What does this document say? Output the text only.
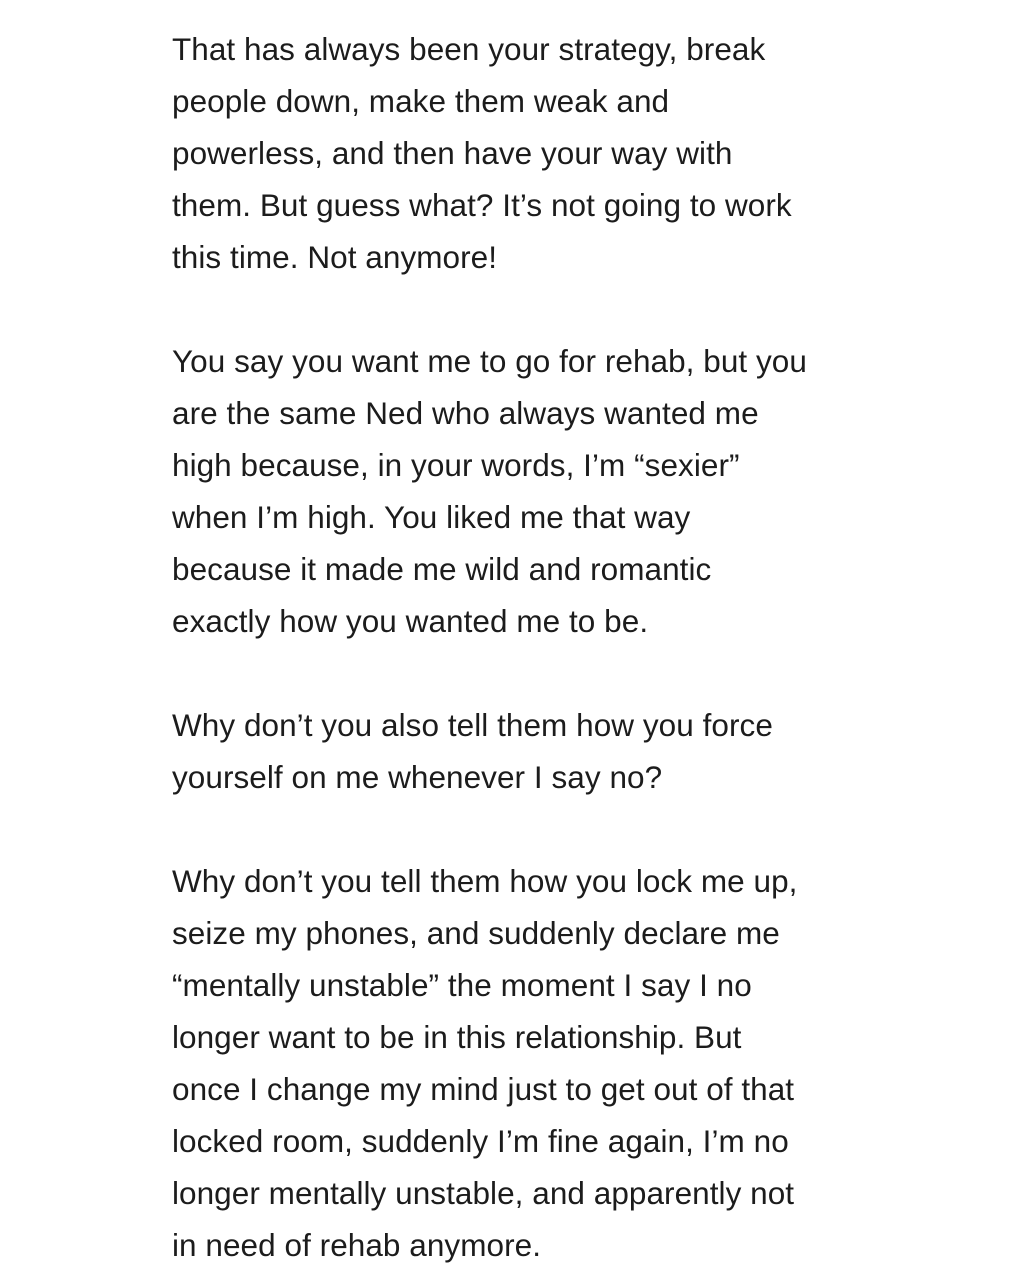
That has always been your strategy, break
people down, make them weak and
powerless, and then have your way with
them. But guess what? It’s not going to work
this time. Not anymore!

You say you want me to go for rehab, but you
are the same Ned who always wanted me
high because, in your words, I’m “sexier”
when I’m high. You liked me that way
because it made me wild and romantic
exactly how you wanted me to be.

Why don’t you also tell them how you force
yourself on me whenever I say no?

Why don’t you tell them how you lock me up,
seize my phones, and suddenly declare me
“mentally unstable” the moment I say I no
longer want to be in this relationship. But
once I change my mind just to get out of that
locked room, suddenly I’m fine again, I’m no
longer mentally unstable, and apparently not
in need of rehab anymore.
